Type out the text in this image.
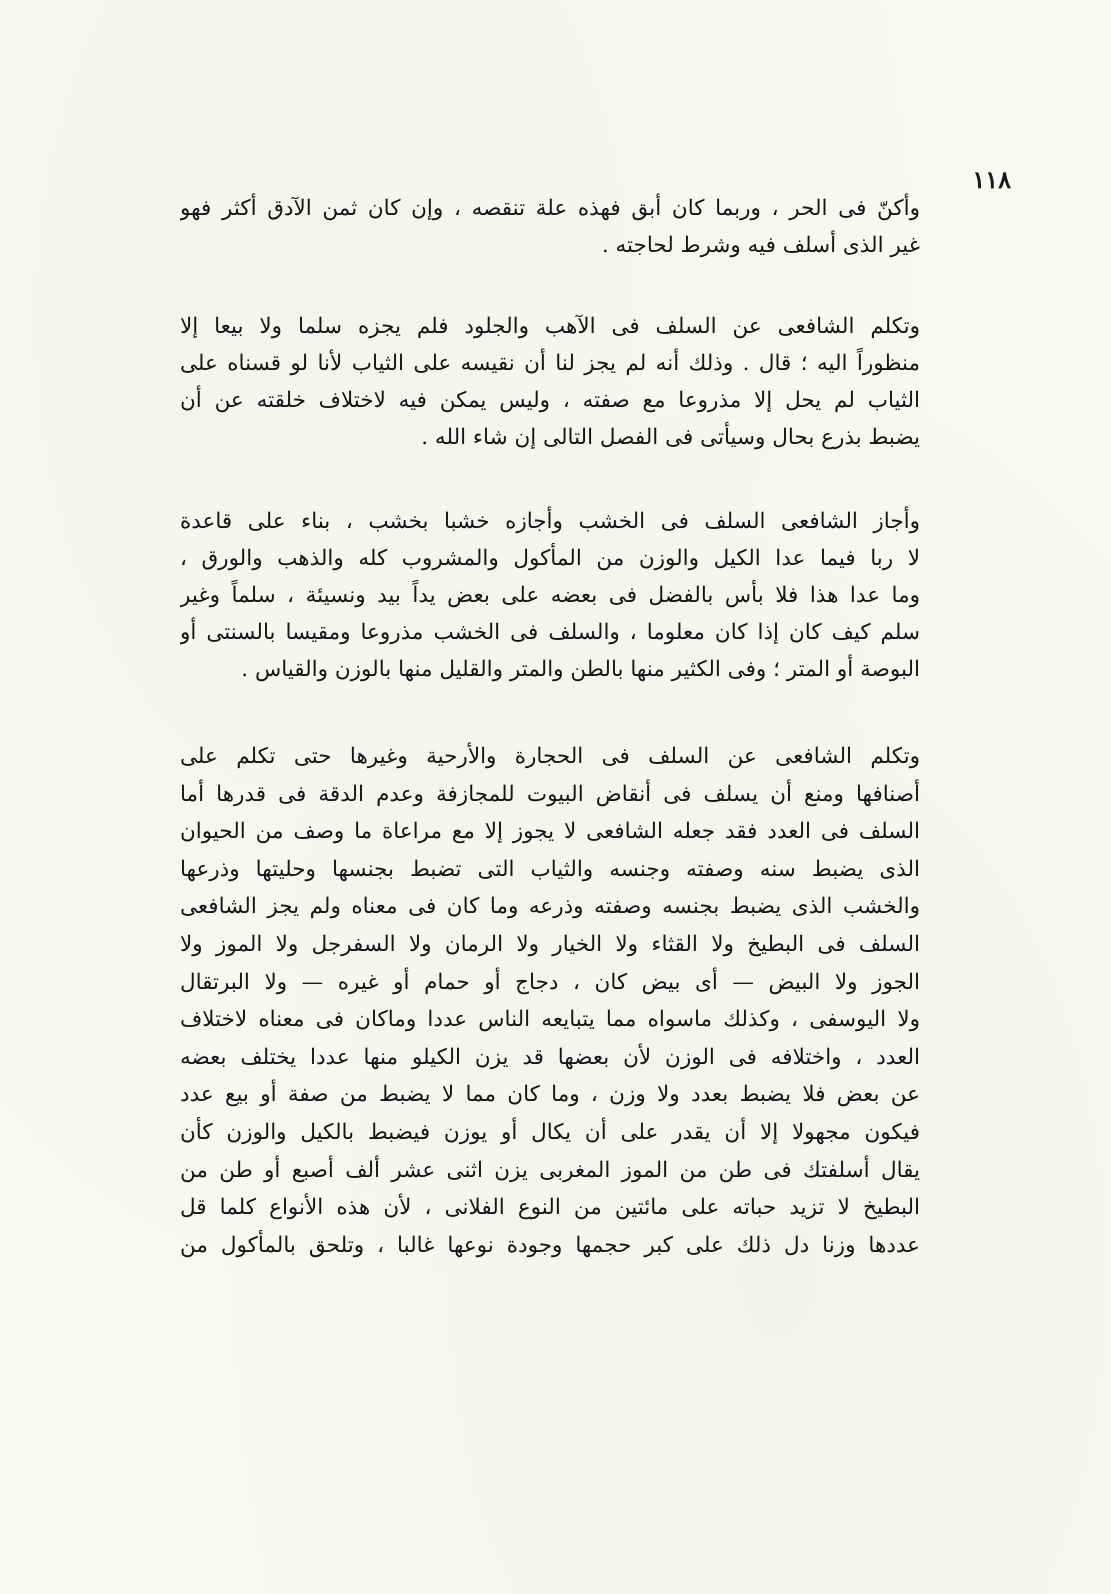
١١٨
وأكنّ فى الحر ، وربما كان أبق فهذه علة تنقصه ، وإن كان ثمن الآدق أكثر فهو
غير الذى أسلف فيه وشرط لحاجته .
وتكلم الشافعى عن السلف فى الآهب والجلود فلم يجزه سلما ولا بيعا إلا
منظوراً اليه ؛ قال . وذلك أنه لم يجز لنا أن نقيسه على الثياب لأنا لو قسناه على
الثياب لم يحل إلا مذروعا مع صفته ، وليس يمكن فيه لاختلاف خلقته عن أن
يضبط بذرع بحال وسيأتى فى الفصل التالى إن شاء الله .
وأجاز الشافعى السلف فى الخشب وأجازه خشبا بخشب ، بناء على قاعدة
لا ربا فيما عدا الكيل والوزن من المأكول والمشروب كله والذهب والورق ،
وما عدا هذا فلا بأس بالفضل فى بعضه على بعض يداً بيد ونسيئة ، سلماً وغير
سلم كيف كان إذا كان معلوما ، والسلف فى الخشب مذروعا ومقيسا بالسنتى أو
البوصة أو المتر ؛ وفى الكثير منها بالطن والمتر والقليل منها بالوزن والقياس .
وتكلم الشافعى عن السلف فى الحجارة والأرحية وغيرها حتى تكلم على
أصنافها ومنع أن يسلف فى أنقاض البيوت للمجازفة وعدم الدقة فى قدرها أما
السلف فى العدد فقد جعله الشافعى لا يجوز إلا مع مراعاة ما وصف من الحيوان
الذى يضبط سنه وصفته وجنسه والثياب التى تضبط بجنسها وحليتها وذرعها
والخشب الذى يضبط بجنسه وصفته وذرعه وما كان فى معناه ولم يجز الشافعى
السلف فى البطيخ ولا القثاء ولا الخيار ولا الرمان ولا السفرجل ولا الموز ولا
الجوز ولا البيض — أى بيض كان ، دجاج أو حمام أو غيره — ولا البرتقال
ولا اليوسفى ، وكذلك ماسواه مما يتبايعه الناس عددا وماكان فى معناه لاختلاف
العدد ، واختلافه فى الوزن لأن بعضها قد يزن الكيلو منها عددا يختلف بعضه
عن بعض فلا يضبط بعدد ولا وزن ، وما كان مما لا يضبط من صفة أو بيع عدد
فيكون مجهولا إلا أن يقدر على أن يكال أو يوزن فيضبط بالكيل والوزن كأن
يقال أسلفتك فى طن من الموز المغربى يزن اثنى عشر ألف أصبع أو طن من
البطيخ لا تزيد حباته على مائتين من النوع الفلانى ، لأن هذه الأنواع كلما قل
عددها وزنا دل ذلك على كبر حجمها وجودة نوعها غالبا ، وتلحق بالمأكول من
